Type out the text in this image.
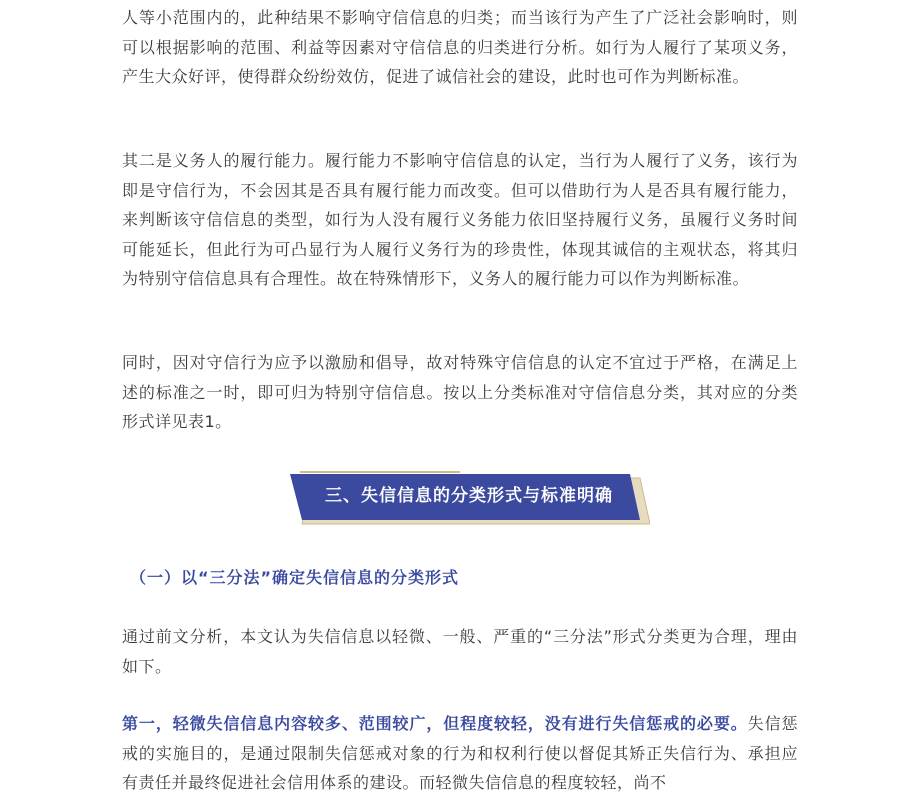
人等小范围内的，此种结果不影响守信信息的归类；而当该行为产生了广泛社会影响时，则可以根据影响的范围、利益等因素对守信信息的归类进行分析。如行为人履行了某项义务，产生大众好评，使得群众纷纷效仿，促进了诚信社会的建设，此时也可作为判断标准。

其二是义务人的履行能力。履行能力不影响守信信息的认定，当行为人履行了义务，该行为即是守信行为，不会因其是否具有履行能力而改变。但可以借助行为人是否具有履行能力，来判断该守信信息的类型，如行为人没有履行义务能力依旧坚持履行义务，虽履行义务时间可能延长，但此行为可凸显行为人履行义务行为的珍贵性，体现其诚信的主观状态，将其归为特别守信信息具有合理性。故在特殊情形下，义务人的履行能力可以作为判断标准。

同时，因对守信行为应予以激励和倡导，故对特殊守信信息的认定不宜过于严格，在满足上述的标准之一时，即可归为特别守信信息。按以上分类标准对守信信息分类，其对应的分类形式详见表1。

通过前文分析，本文认为失信信息以轻微、一般、严重的“三分法”形式分类更为合理，理由如下。

第一，轻微失信信息内容较多、范围较广，但程度较轻，没有进行失信惩戒的必要。失信惩戒的实施目的，是通过限制失信惩戒对象的行为和权利行使以督促其矫正失信行为、承担应有责任并最终促进社会信用体系的建设。而轻微失信信息的程度较轻，尚不

三、失信信息的分类形式与标准明确
（一）以“三分法”确定失信信息的分类形式
